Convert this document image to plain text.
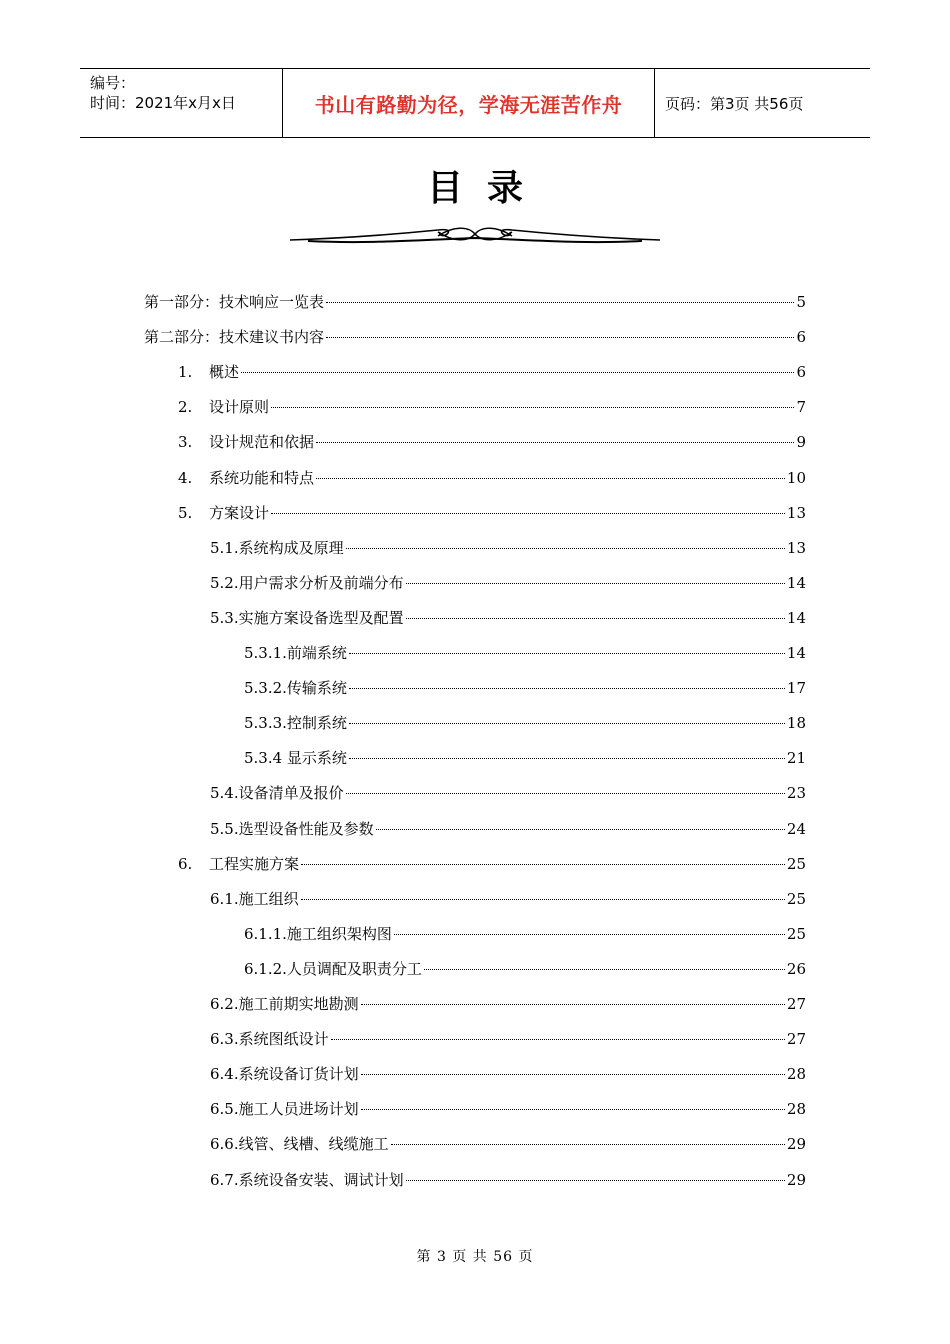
编号：
时间：2021年x月x日	书山有路勤为径，学海无涯苦作舟	页码：第3页 共56页
目录
第一部分：技术响应一览表	5
第二部分：技术建议书内容	6
1.	概述	6
2.	设计原则	7
3.	设计规范和依据	9
4.	系统功能和特点	10
5.	方案设计	13
5.1.系统构成及原理	13
5.2.用户需求分析及前端分布	14
5.3.实施方案设备选型及配置	14
5.3.1.前端系统	14
5.3.2.传输系统	17
5.3.3.控制系统	18
5.3.4 显示系统	21
5.4.设备清单及报价	23
5.5.选型设备性能及参数	24
6.	工程实施方案	25
6.1.施工组织	25
6.1.1.施工组织架构图	25
6.1.2.人员调配及职责分工	26
6.2.施工前期实地勘测	27
6.3.系统图纸设计	27
6.4.系统设备订货计划	28
6.5.施工人员进场计划	28
6.6.线管、线槽、线缆施工	29
6.7.系统设备安装、调试计划	29
第 3 页 共 56 页
